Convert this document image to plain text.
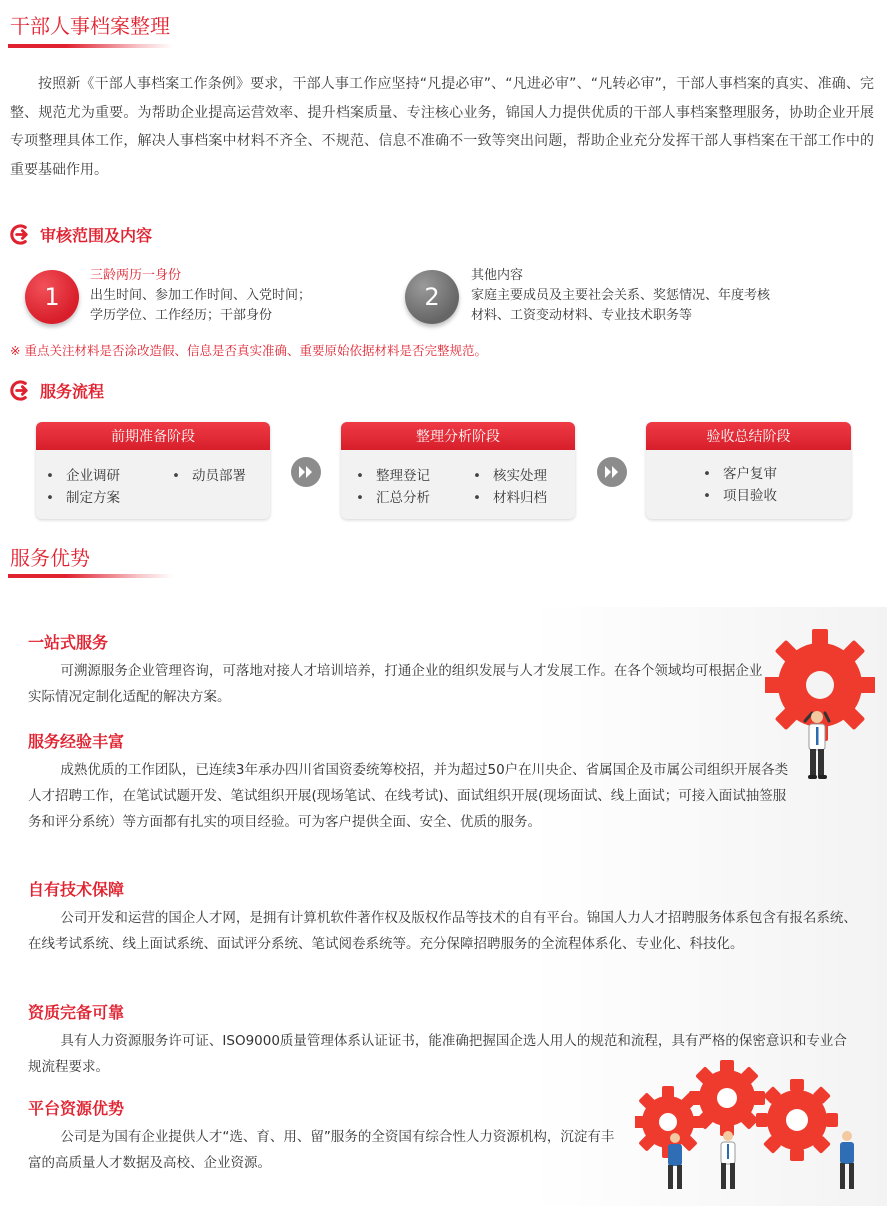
干部人事档案整理

按照新《干部人事档案工作条例》要求，干部人事工作应坚持“凡提必审”、“凡进必审”、“凡转必审”，干部人事档案的真实、准确、完整、规范尤为重要。为帮助企业提高运营效率、提升档案质量、专注核心业务，锦国人力提供优质的干部人事档案整理服务，协助企业开展专项整理具体工作，解决人事档案中材料不齐全、不规范、信息不准确不一致等突出问题，帮助企业充分发挥干部人事档案在干部工作中的重要基础作用。

审核范围及内容
1
三龄两历一身份
出生时间、参加工作时间、入党时间；
学历学位、工作经历；干部身份
2
其他内容
家庭主要成员及主要社会关系、奖惩情况、年度考核
材料、工资变动材料、专业技术职务等
※ 重点关注材料是否涂改造假、信息是否真实准确、重要原始依据材料是否完整规范。
服务流程
前期准备阶段
• 企业调研	• 动员部署
• 制定方案
整理分析阶段
• 整理登记	• 核实处理
• 汇总分析	• 材料归档
验收总结阶段
• 客户复审
• 项目验收
服务优势
一站式服务

可溯源服务企业管理咨询，可落地对接人才培训培养，打通企业的组织发展与人才发展工作。在各个领域均可根据企业实际情况定制化适配的解决方案。

服务经验丰富

成熟优质的工作团队，已连续3年承办四川省国资委统筹校招，并为超过50户在川央企、省属国企及市属公司组织开展各类人才招聘工作，在笔试试题开发、笔试组织开展(现场笔试、在线考试)、面试组织开展(现场面试、线上面试；可接入面试抽签服务和评分系统）等方面都有扎实的项目经验。可为客户提供全面、安全、优质的服务。

自有技术保障

公司开发和运营的国企人才网，是拥有计算机软件著作权及版权作品等技术的自有平台。锦国人力人才招聘服务体系包含有报名系统、在线考试系统、线上面试系统、面试评分系统、笔试阅卷系统等。充分保障招聘服务的全流程体系化、专业化、科技化。

资质完备可靠

具有人力资源服务许可证、ISO9000质量管理体系认证证书，能准确把握国企选人用人的规范和流程，具有严格的保密意识和专业合规流程要求。

平台资源优势

公司是为国有企业提供人才“选、育、用、留”服务的全资国有综合性人力资源机构，沉淀有丰富的高质量人才数据及高校、企业资源。
